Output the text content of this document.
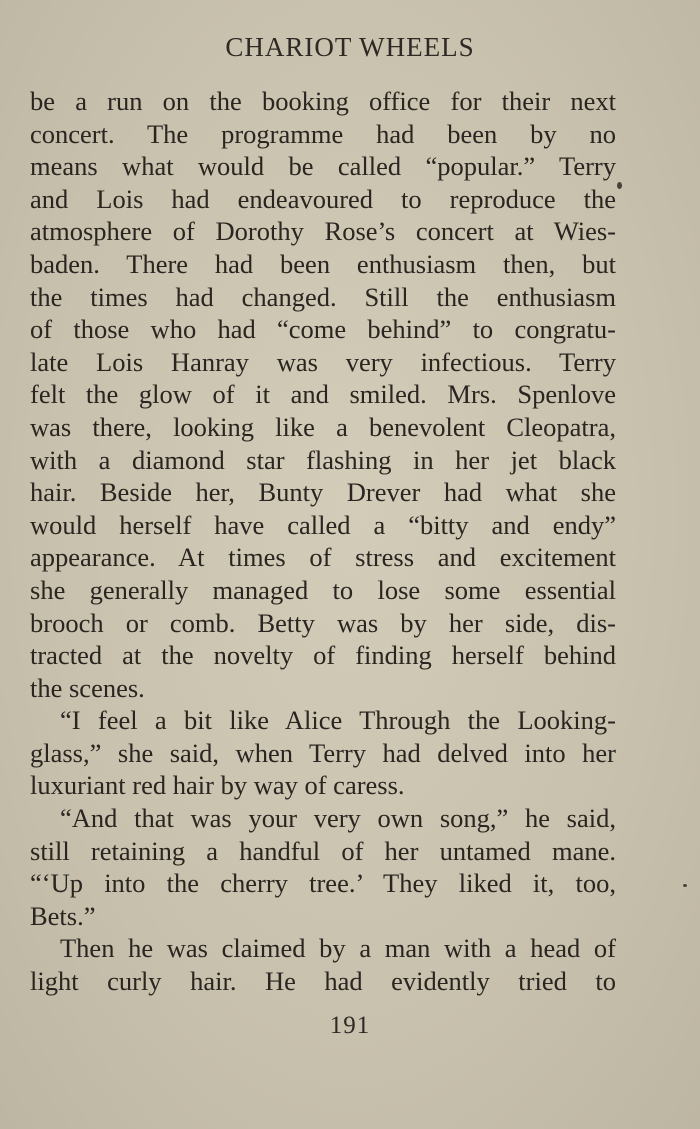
CHARIOT WHEELS
be a run on the booking office for their next
concert. The programme had been by no
means what would be called “popular.” Terry
and Lois had endeavoured to reproduce the
atmosphere of Dorothy Rose’s concert at Wies-
baden. There had been enthusiasm then, but
the times had changed. Still the enthusiasm
of those who had “come behind” to congratu-
late Lois Hanray was very infectious. Terry
felt the glow of it and smiled. Mrs. Spenlove
was there, looking like a benevolent Cleopatra,
with a diamond star flashing in her jet black
hair. Beside her, Bunty Drever had what she
would herself have called a “bitty and endy”
appearance. At times of stress and excitement
she generally managed to lose some essential
brooch or comb. Betty was by her side, dis-
tracted at the novelty of finding herself behind
the scenes.
“I feel a bit like Alice Through the Looking-
glass,” she said, when Terry had delved into her
luxuriant red hair by way of caress.
“And that was your very own song,” he said,
still retaining a handful of her untamed mane.
“‘Up into the cherry tree.’ They liked it, too,
Bets.”
Then he was claimed by a man with a head of
light curly hair. He had evidently tried to
191
